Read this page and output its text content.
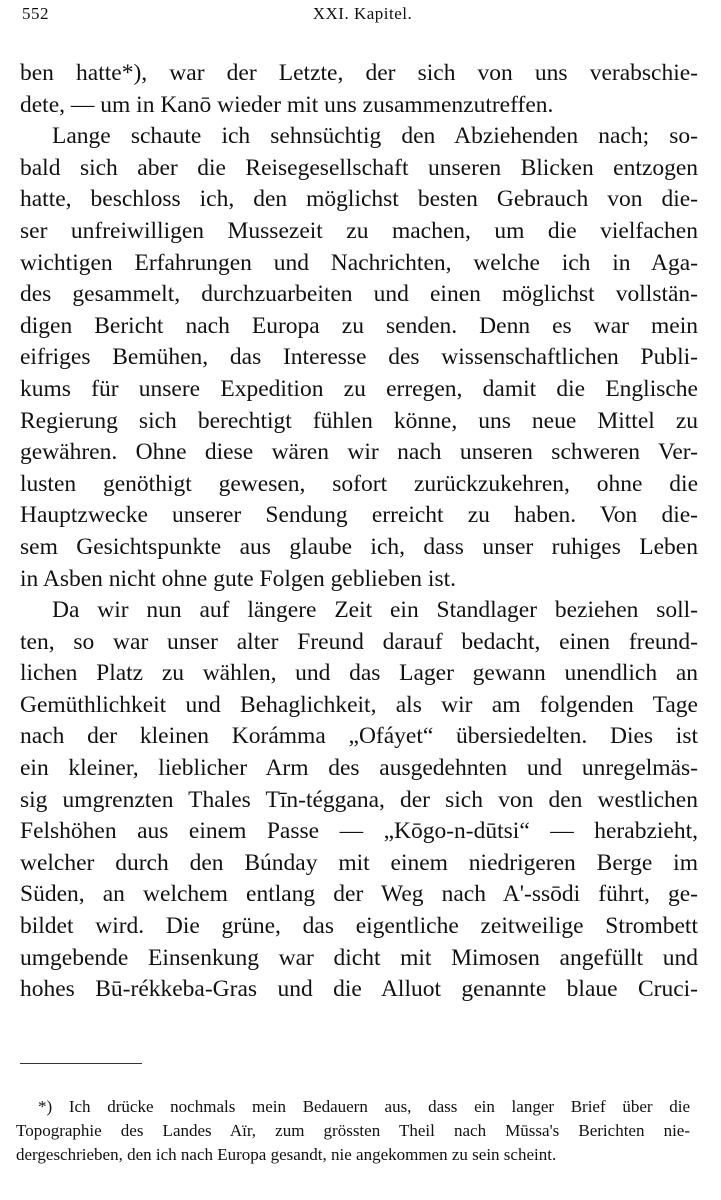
552	XXI. Kapitel.
ben hatte*), war der Letzte, der sich von uns verabschie-
dete, — um in Kanō wieder mit uns zusammenzutreffen.
Lange schaute ich sehnsüchtig den Abziehenden nach; so-
bald sich aber die Reisegesellschaft unseren Blicken entzogen
hatte, beschloss ich, den möglichst besten Gebrauch von die-
ser unfreiwilligen Mussezeit zu machen, um die vielfachen
wichtigen Erfahrungen und Nachrichten, welche ich in Aga-
des gesammelt, durchzuarbeiten und einen möglichst vollstän-
digen Bericht nach Europa zu senden. Denn es war mein
eifriges Bemühen, das Interesse des wissenschaftlichen Publi-
kums für unsere Expedition zu erregen, damit die Englische
Regierung sich berechtigt fühlen könne, uns neue Mittel zu
gewähren. Ohne diese wären wir nach unseren schweren Ver-
lusten genöthigt gewesen, sofort zurückzukehren, ohne die
Hauptzwecke unserer Sendung erreicht zu haben. Von die-
sem Gesichtspunkte aus glaube ich, dass unser ruhiges Leben
in Asben nicht ohne gute Folgen geblieben ist.
Da wir nun auf längere Zeit ein Standlager beziehen soll-
ten, so war unser alter Freund darauf bedacht, einen freund-
lichen Platz zu wählen, und das Lager gewann unendlich an
Gemüthlichkeit und Behaglichkeit, als wir am folgenden Tage
nach der kleinen Korámma „Ofáyet“ übersiedelten. Dies ist
ein kleiner, lieblicher Arm des ausgedehnten und unregelmäs-
sig umgrenzten Thales Tīn-téggana, der sich von den westlichen
Felshöhen aus einem Passe — „Kōgo-n-dūtsi“ — herabzieht,
welcher durch den Búnday mit einem niedrigeren Berge im
Süden, an welchem entlang der Weg nach A'-ssōdi führt, ge-
bildet wird. Die grüne, das eigentliche zeitweilige Strombett
umgebende Einsenkung war dicht mit Mimosen angefüllt und
hohes Bū-rékkeba-Gras und die Alluot genannte blaue Cruci-
*) Ich drücke nochmals mein Bedauern aus, dass ein langer Brief über die
Topographie des Landes Aïr, zum grössten Theil nach Mūssa's Berichten nie-
dergeschrieben, den ich nach Europa gesandt, nie angekommen zu sein scheint.
